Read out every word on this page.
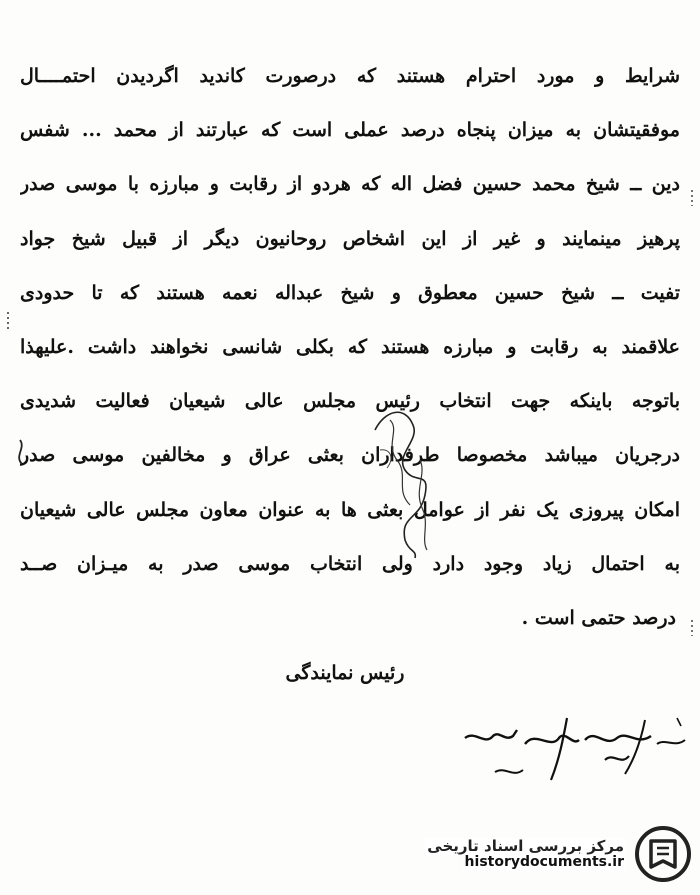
شرایط و مورد احترام هستند که درصورت کاندید اگردیدن احتمــــال
موفقیتشان به میزان پنجاه درصد عملی است که عبارتند از محمد ... شفس
دین ــ شیخ محمد حسین فضل اله که هردو از رقابت و مبارزه با موسی صدر
پرهیز مینمایند و غیر از این اشخاص روحانیون دیگر از قبیل شیخ جواد
تفیت ــ شیخ حسین معطوق و شیخ عبداله نعمه هستند که تا حدودی
علاقمند به رقابت و مبارزه هستند که بکلی شانسی نخواهند داشت .علیهذا
باتوجه باینکه جهت انتخاب رئیس مجلس عالی شیعیان فعالیت شدیدی
درجریان میباشد مخصوصا طرفداران بعثی عراق و مخالفین موسی صدر
امکان پیروزی یک نفر از عوامل بعثی ها به عنوان معاون مجلس عالی شیعیان
به احتمال زیاد وجود دارد ولی انتخاب موسی صدر به میـزان صــد
درصد حتمی است .
رئیس نمایندگی
مرکز بررسی اسناد تاریخی
historydocuments.ir
